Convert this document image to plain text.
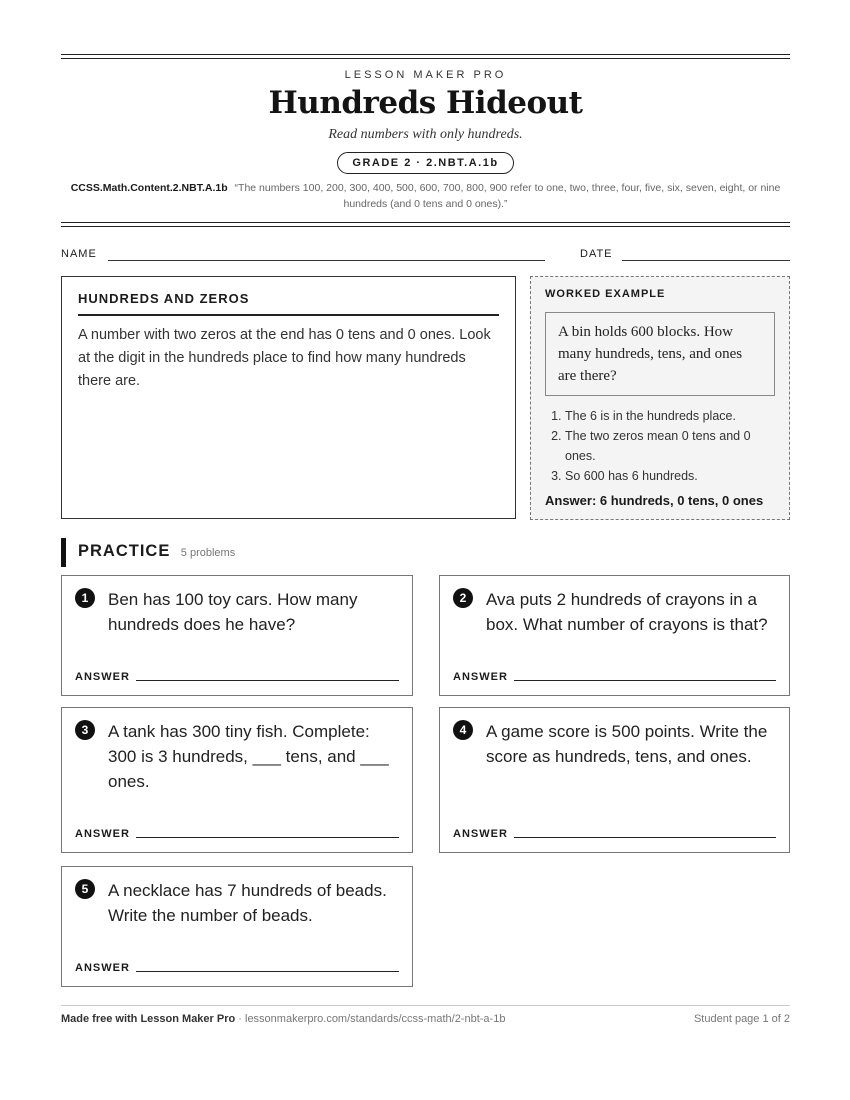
LESSON MAKER PRO
Hundreds Hideout
Read numbers with only hundreds.
GRADE 2 · 2.NBT.A.1b
CCSS.Math.Content.2.NBT.A.1b “The numbers 100, 200, 300, 400, 500, 600, 700, 800, 900 refer to one, two, three, four, five, six, seven, eight, or nine hundreds (and 0 tens and 0 ones).”
NAME	DATE
HUNDREDS AND ZEROS
A number with two zeros at the end has 0 tens and 0 ones. Look at the digit in the hundreds place to find how many hundreds there are.
WORKED EXAMPLE
A bin holds 600 blocks. How many hundreds, tens, and ones are there?
1. The 6 is in the hundreds place.
2. The two zeros mean 0 tens and 0 ones.
3. So 600 has 6 hundreds.
Answer: 6 hundreds, 0 tens, 0 ones
PRACTICE 5 problems
1	Ben has 100 toy cars. How many hundreds does he have?
ANSWER
2	Ava puts 2 hundreds of crayons in a box. What number of crayons is that?
ANSWER
3	A tank has 300 tiny fish. Complete: 300 is 3 hundreds, ___ tens, and ___ ones.
ANSWER
4	A game score is 500 points. Write the score as hundreds, tens, and ones.
ANSWER
5	A necklace has 7 hundreds of beads. Write the number of beads.
ANSWER
Made free with Lesson Maker Pro · lessonmakerpro.com/standards/ccss-math/2-nbt-a-1b	Student page 1 of 2
